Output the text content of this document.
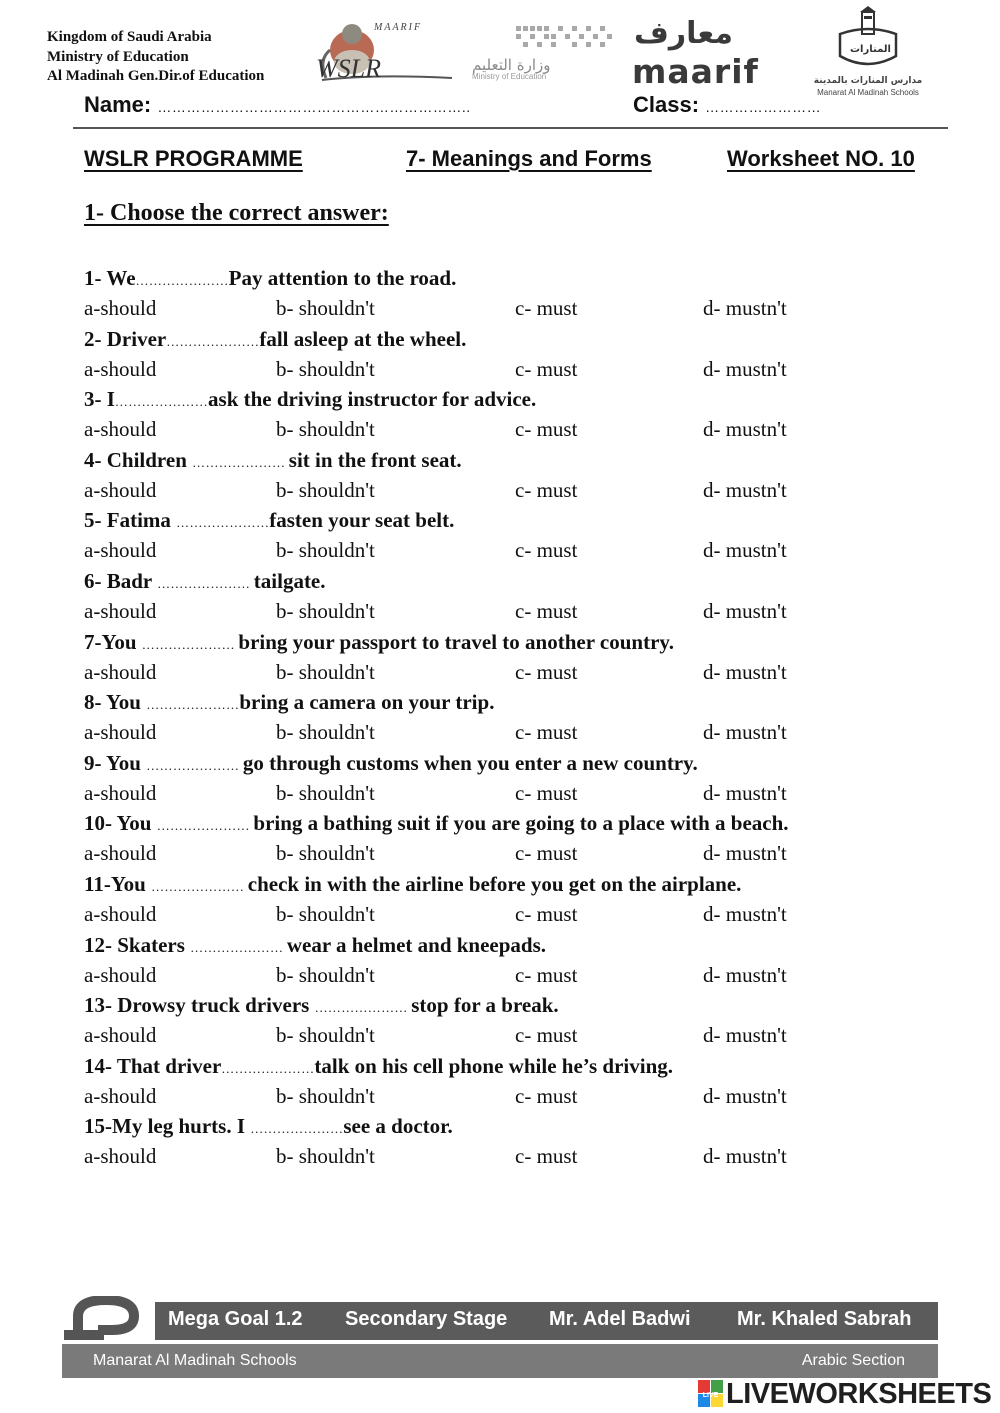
Kingdom of Saudi Arabia
Ministry of Education
Al Madinah Gen.Dir.of Education
MAARIF
WSLR	وزارة التعليم
Ministry of Education
معارف
maarif
المنارات
مدارس المنارات بالمدينة
Manarat Al Madinah Schools
Name: ………………………………………………………..	Class: ……………………
WSLR PROGRAMME	7- Meanings and Forms	Worksheet NO. 10
1- Choose the correct answer:
1- We…………………Pay attention to the road.
a-should	b- shouldn't	c- must	d- mustn't
2- Driver…………………fall asleep at the wheel.
a-should	b- shouldn't	c- must	d- mustn't
3- I…………………ask the driving instructor for advice.
a-should	b- shouldn't	c- must	d- mustn't
4- Children ………………… sit in the front seat.
a-should	b- shouldn't	c- must	d- mustn't
5- Fatima …………………fasten your seat belt.
a-should	b- shouldn't	c- must	d- mustn't
6- Badr ………………… tailgate.
a-should	b- shouldn't	c- must	d- mustn't
7-You ………………… bring your passport to travel to another country.
a-should	b- shouldn't	c- must	d- mustn't
8- You …………………bring a camera on your trip.
a-should	b- shouldn't	c- must	d- mustn't
9- You ………………… go through customs when you enter a new country.
a-should	b- shouldn't	c- must	d- mustn't
10- You ………………… bring a bathing suit if you are going to a place with a beach.
a-should	b- shouldn't	c- must	d- mustn't
11-You ………………… check in with the airline before you get on the airplane.
a-should	b- shouldn't	c- must	d- mustn't
12- Skaters ………………… wear a helmet and kneepads.
a-should	b- shouldn't	c- must	d- mustn't
13- Drowsy truck drivers ………………… stop for a break.
a-should	b- shouldn't	c- must	d- mustn't
14- That driver…………………talk on his cell phone while he’s driving.
a-should	b- shouldn't	c- must	d- mustn't
15-My leg hurts. I …………………see a doctor.
a-should	b- shouldn't	c- must	d- mustn't
Mega Goal 1.2 Secondary Stage Mr. Adel Badwi Mr. Khaled Sabrah
Manarat Al Madinah Schools	Arabic Section
LIVE LIVEWORKSHEETS
